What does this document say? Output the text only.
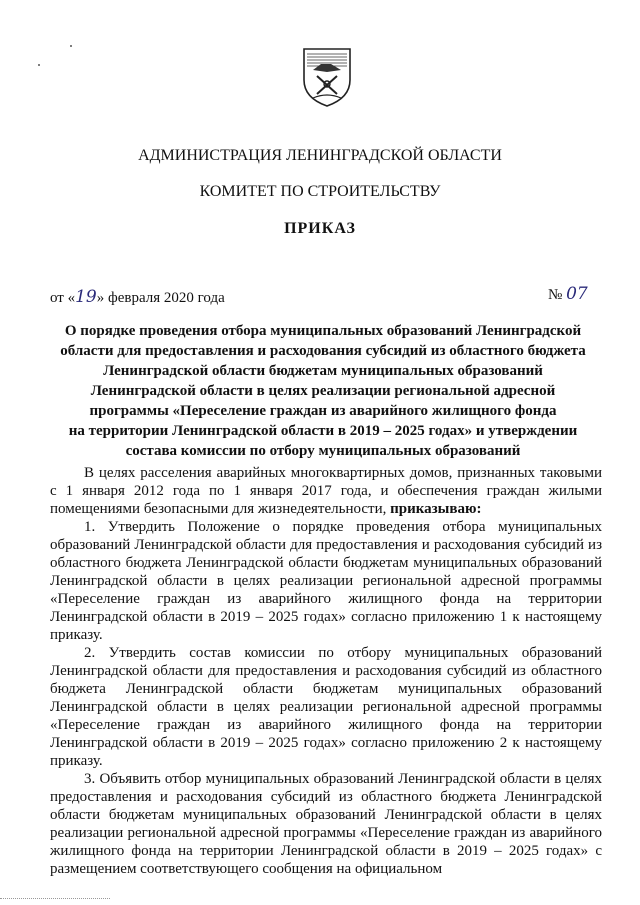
АДМИНИСТРАЦИЯ ЛЕНИНГРАДСКОЙ ОБЛАСТИ
КОМИТЕТ ПО СТРОИТЕЛЬСТВУ
ПРИКАЗ
от «19» февраля 2020 года	№ 07
О порядке проведения отбора муниципальных образований Ленинградской
области для предоставления и расходования субсидий из областного бюджета
Ленинградской области бюджетам муниципальных образований
Ленинградской области в целях реализации региональной адресной
программы «Переселение граждан из аварийного жилищного фонда
на территории Ленинградской области в 2019 – 2025 годах» и утверждении
состава комиссии по отбору муниципальных образований

В целях расселения аварийных многоквартирных домов, признанных таковыми с 1 января 2012 года по 1 января 2017 года, и обеспечения граждан жилыми помещениями безопасными для жизнедеятельности, приказываю:

1. Утвердить Положение о порядке проведения отбора муниципальных образований Ленинградской области для предоставления и расходования субсидий из областного бюджета Ленинградской области бюджетам муниципальных образований Ленинградской области в целях реализации региональной адресной программы «Переселение граждан из аварийного жилищного фонда на территории Ленинградской области в 2019 – 2025 годах» согласно приложению 1 к настоящему приказу.

2. Утвердить состав комиссии по отбору муниципальных образований Ленинградской области для предоставления и расходования субсидий из областного бюджета Ленинградской области бюджетам муниципальных образований Ленинградской области в целях реализации региональной адресной программы «Переселение граждан из аварийного жилищного фонда на территории Ленинградской области в 2019 – 2025 годах» согласно приложению 2 к настоящему приказу.

3. Объявить отбор муниципальных образований Ленинградской области в целях предоставления и расходования субсидий из областного бюджета Ленинградской области бюджетам муниципальных образований Ленинградской области в целях реализации региональной адресной программы «Переселение граждан из аварийного жилищного фонда на территории Ленинградской области в 2019 – 2025 годах» с размещением соответствующего сообщения на официальном
